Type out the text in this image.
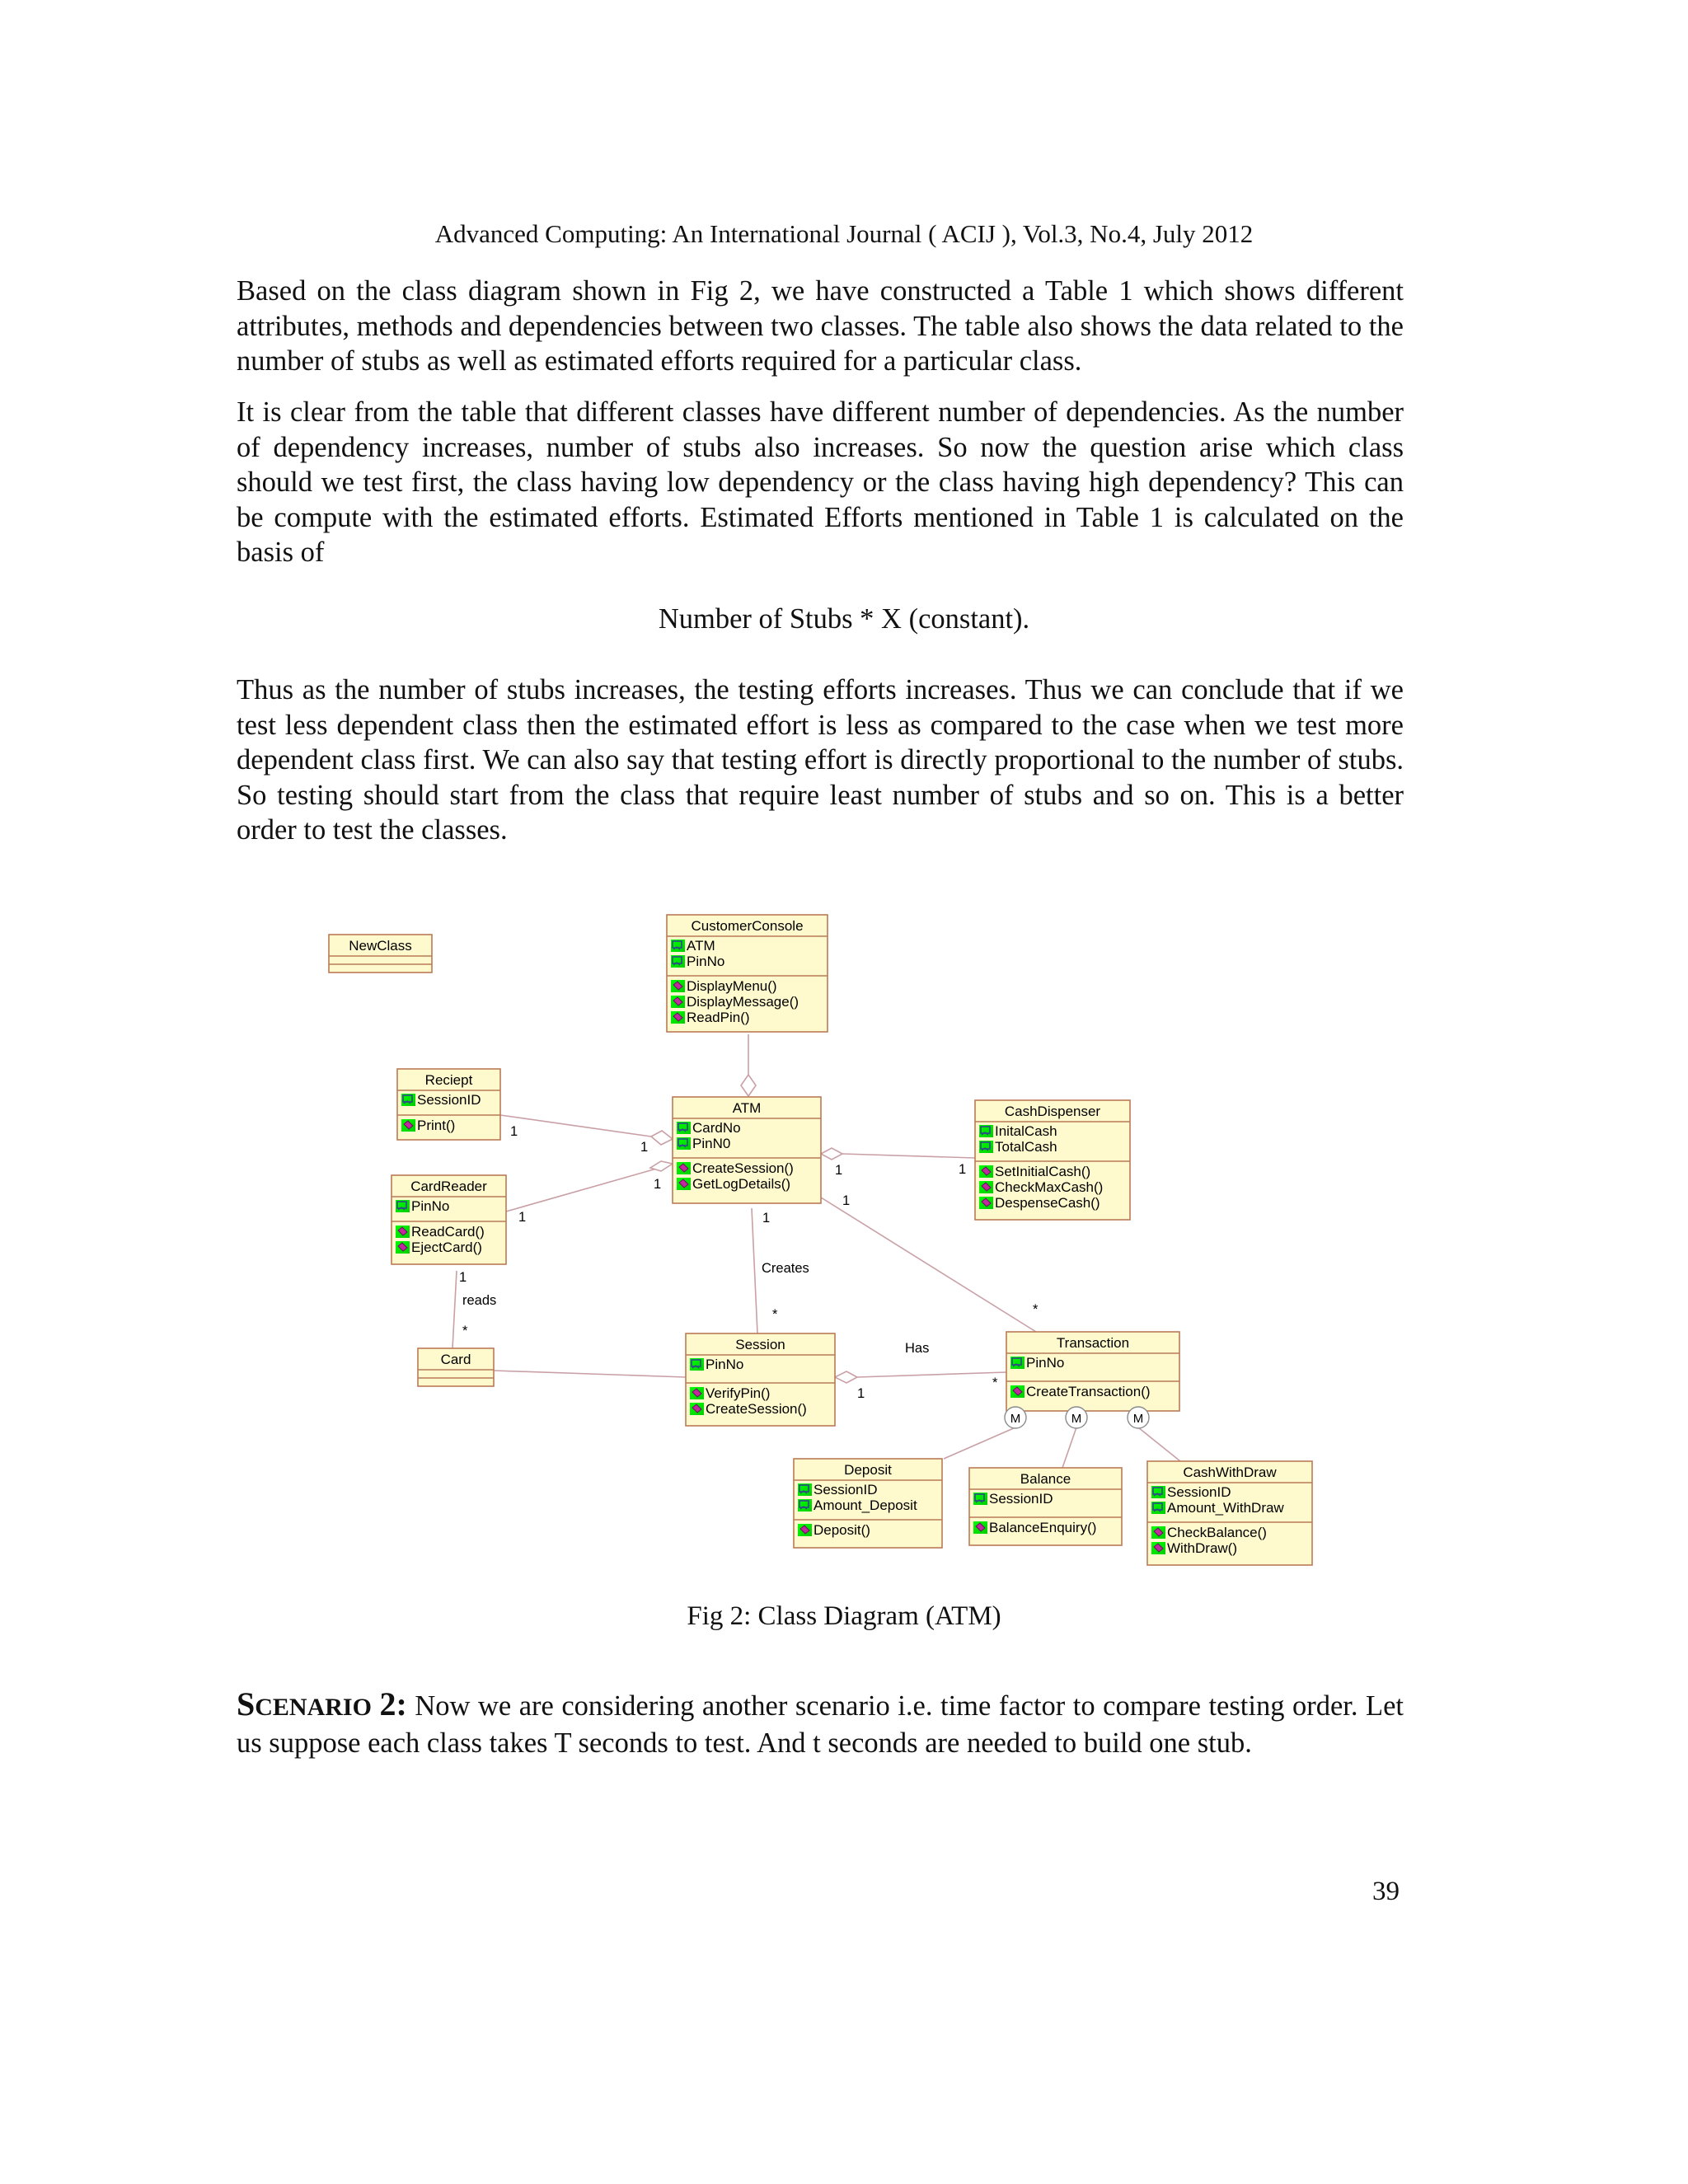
Advanced Computing: An International Journal ( ACIJ ), Vol.3, No.4, July 2012

Based on the class diagram shown in Fig 2, we have constructed a Table 1 which shows different attributes, methods and dependencies between two classes. The table also shows the data related to the number of stubs as well as estimated efforts required for a particular class.

It is clear from the table that different classes have different number of dependencies. As the number of dependency increases, number of stubs also increases. So now the question arise which class should we test first, the class having low dependency or the class having high dependency? This can be compute with the estimated efforts. Estimated Efforts mentioned in Table 1 is calculated on the basis of

Number of Stubs * X (constant).

Thus as the number of stubs increases, the testing efforts increases. Thus we can conclude that if we test less dependent class then the estimated effort is less as compared to the case when we test more dependent class first. We can also say that testing effort is directly proportional to the number of stubs. So testing should start from the class that require least number of stubs and so on. This is a better order to test the classes.

NewClass
CustomerConsole
ATM
PinNo
DisplayMenu()
DisplayMessage()
ReadPin()
Reciept
SessionID
Print()
ATM
CardNo
PinN0
CreateSession()
GetLogDetails()
CashDispenser
InitalCash
TotalCash
SetInitialCash()
CheckMaxCash()
DespenseCash()
CardReader
PinNo
ReadCard()
EjectCard()
Card
Session
PinNo
VerifyPin()
CreateSession()
Transaction
PinNo
CreateTransaction()
Deposit
SessionID
Amount_Deposit
Deposit()
Balance
SessionID
BalanceEnquiry()
CashWithDraw
SessionID
Amount_WithDraw
CheckBalance()
WithDraw()
M	M	M
1
1
1
1
1	1
1
1
Creates
*	*
Has
1
*
1
reads
*
Fig 2: Class Diagram (ATM)

SCENARIO 2: Now we are considering another scenario i.e. time factor to compare testing order. Let us suppose each class takes T seconds to test. And t seconds are needed to build one stub.

39
